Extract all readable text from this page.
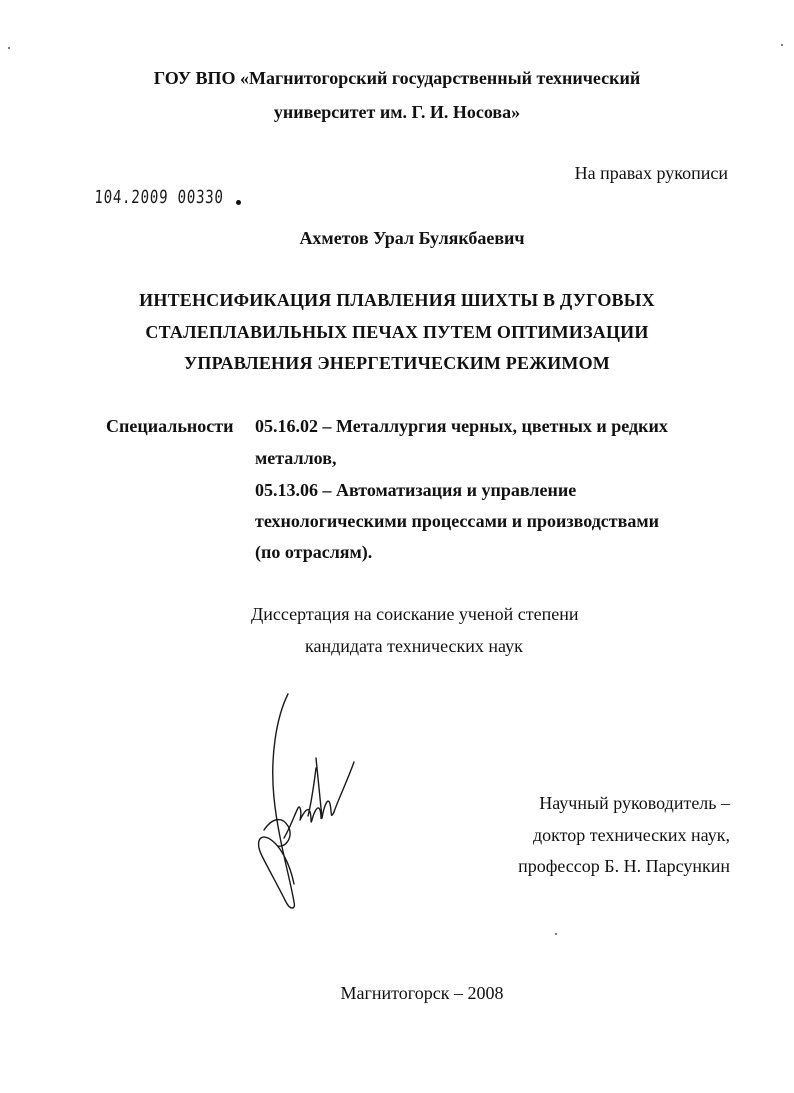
ГОУ ВПО «Магнитогорский государственный технический
университет им. Г. И. Носова»
На правах рукописи
104.2009 00330
Ахметов Урал Булякбаевич
ИНТЕНСИФИКАЦИЯ ПЛАВЛЕНИЯ ШИХТЫ В ДУГОВЫХ
СТАЛЕПЛАВИЛЬНЫХ ПЕЧАХ ПУТЕМ ОПТИМИЗАЦИИ
УПРАВЛЕНИЯ ЭНЕРГЕТИЧЕСКИМ РЕЖИМОМ
Специальности 05.16.02 – Металлургия черных, цветных и редких
металлов,
05.13.06 – Автоматизация и управление
технологическими процессами и производствами
(по отраслям).
Диссертация на соискание ученой степени
кандидата технических наук
Научный руководитель –
доктор технических наук,
профессор Б. Н. Парсункин
Магнитогорск – 2008
